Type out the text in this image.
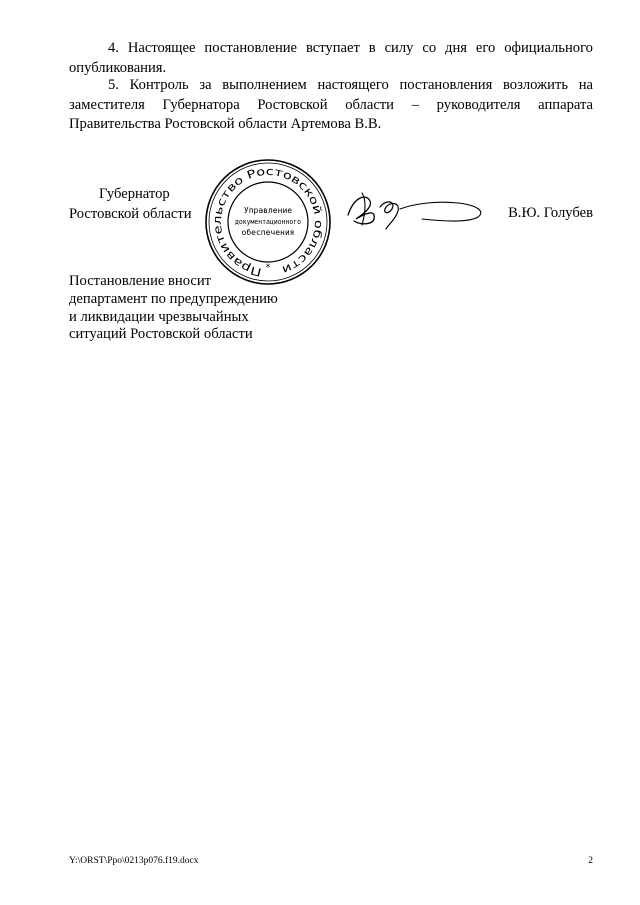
4. Настоящее постановление вступает в силу со дня его официального опубликования.

5. Контроль за выполнением настоящего постановления возложить на заместителя Губернатора Ростовской области – руководителя аппарата Правительства Ростовской области Артемова В.В.

Губернатор
Ростовской области
Правительство Ростовской области
Управление
документационного
обеспечения
*
В.Ю. Голубев
Постановление вносит
департамент по предупреждению
и ликвидации чрезвычайных
ситуаций Ростовской области
Y:\ORST\Ppo\0213p076.f19.docx	2
